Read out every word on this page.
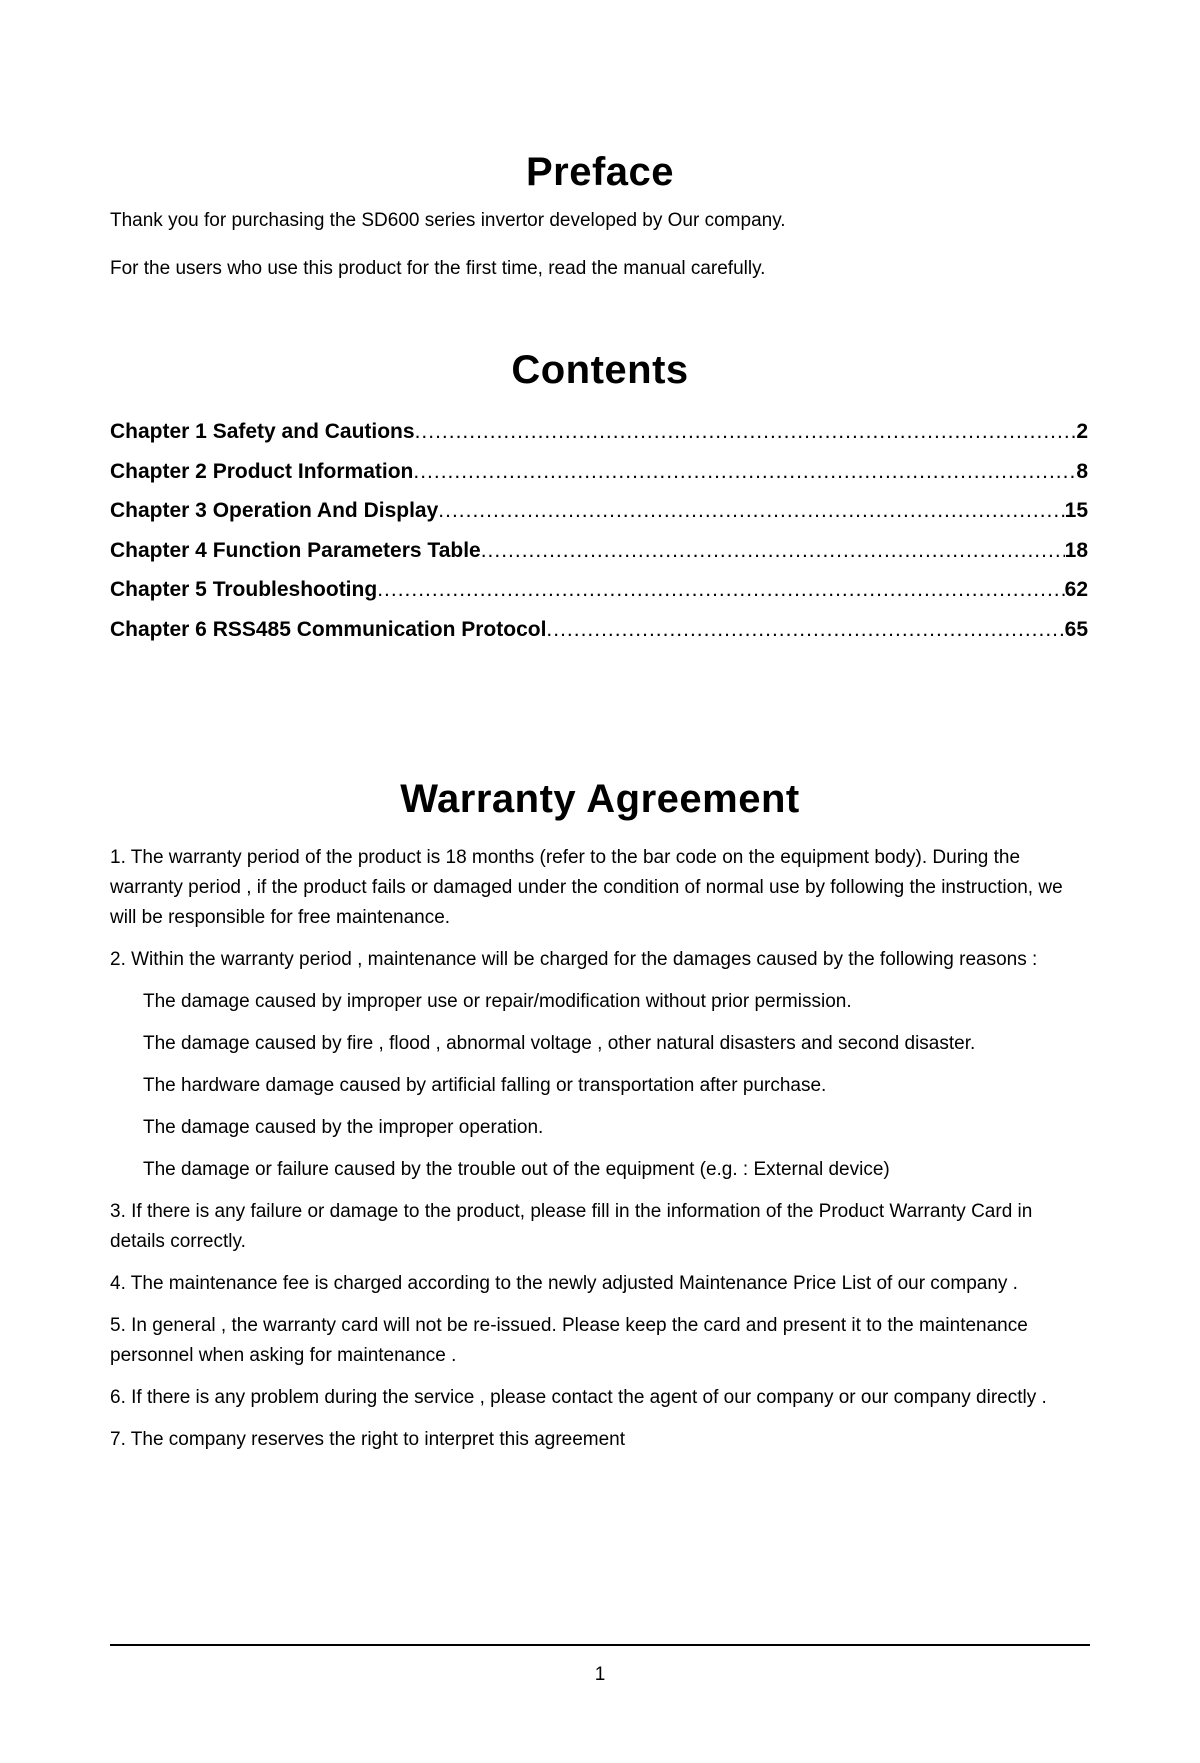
Preface

Thank you for purchasing the SD600 series invertor developed by Our company.

For the users who use this product for the first time, read the manual carefully.

Contents
Chapter 1 Safety and Cautions .....	2
Chapter 2 Product Information .....	8
Chapter 3 Operation And Display .....	15
Chapter 4 Function Parameters Table .....	18
Chapter 5 Troubleshooting .....	62
Chapter 6 RSS485 Communication Protocol .....	65
Warranty Agreement

1. The warranty period of the product is 18 months (refer to the bar code on the equipment body). During the warranty period , if the product fails or damaged under the condition of normal use by following the instruction, we will be responsible for free maintenance.

2. Within the warranty period , maintenance will be charged for the damages caused by the following reasons :

The damage caused by improper use or repair/modification without prior permission.

The damage caused by fire , flood , abnormal voltage , other natural disasters and second disaster.

The hardware damage caused by artificial falling or transportation after purchase.

The damage caused by the improper operation.

The damage or failure caused by the trouble out of the equipment (e.g. : External device)

3. If there is any failure or damage to the product, please fill in the information of the Product Warranty Card in details correctly.

4. The maintenance fee is charged according to the newly adjusted Maintenance Price List of our company .

5. In general , the warranty card will not be re-issued. Please keep the card and present it to the maintenance personnel when asking for maintenance .

6. If there is any problem during the service , please contact the agent of our company or our company directly .

7. The company reserves the right to interpret this agreement

1
